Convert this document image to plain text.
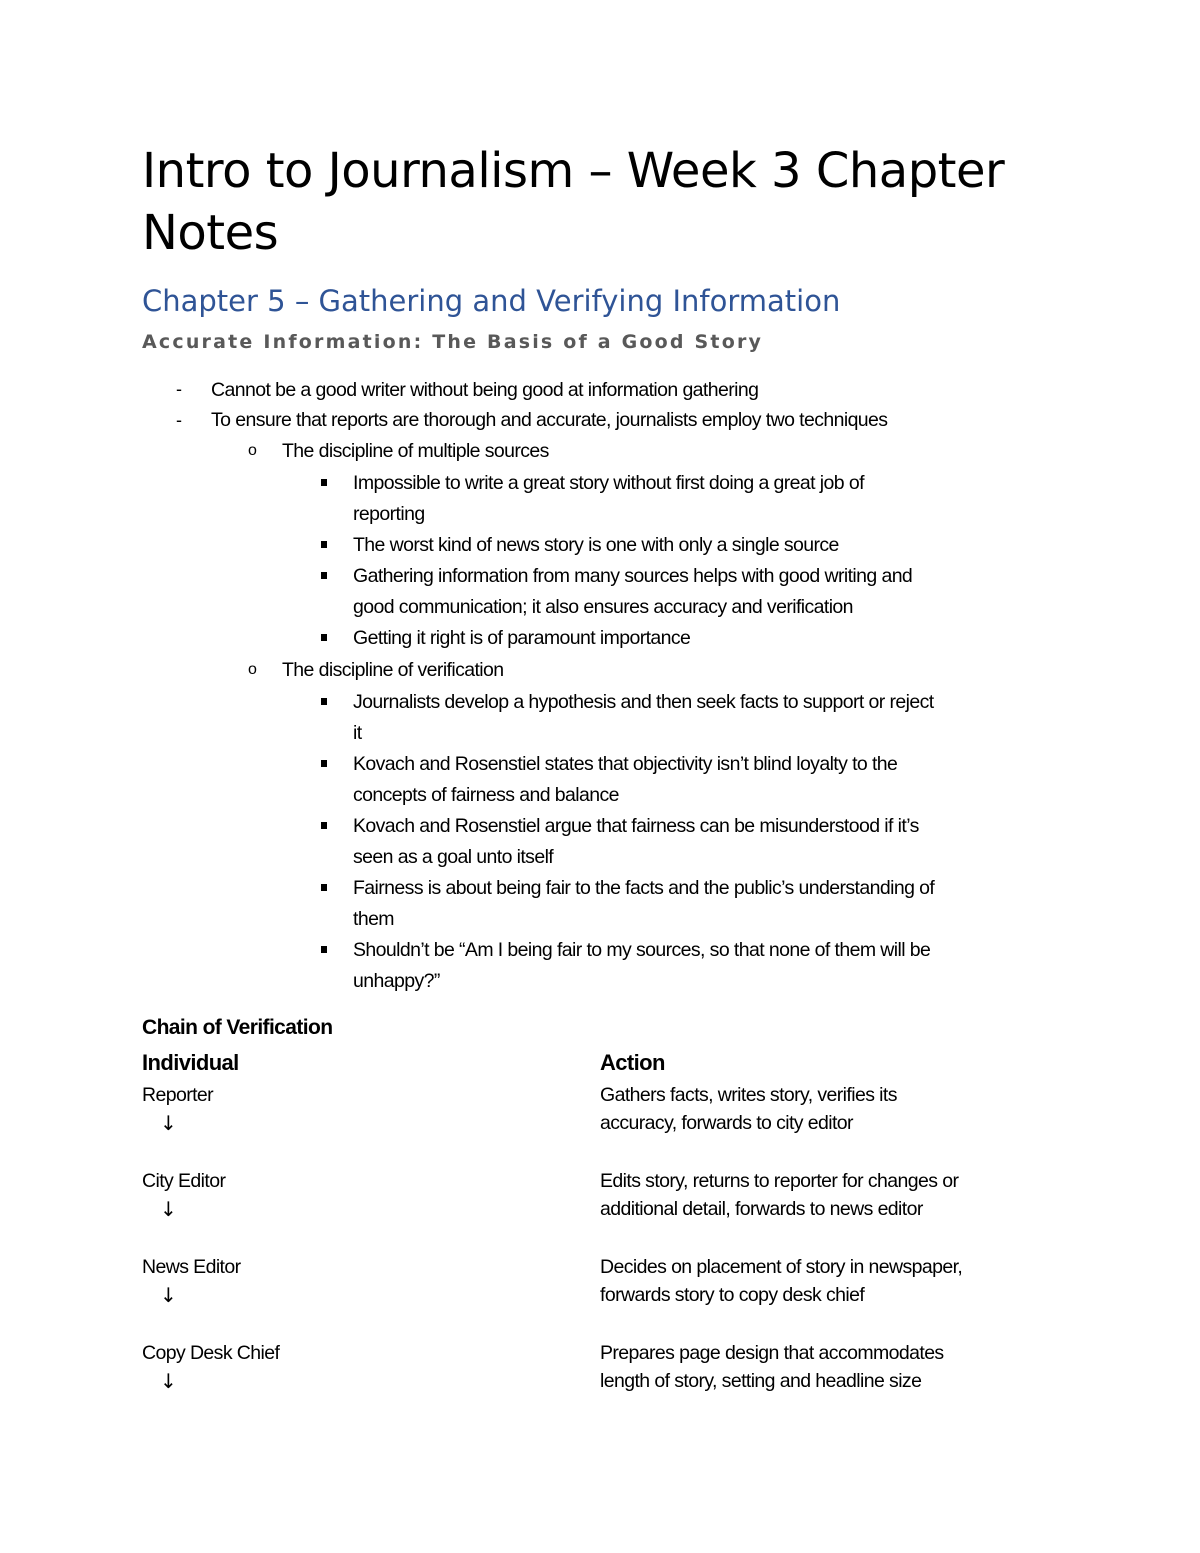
Intro to Journalism – Week 3 Chapter Notes
Chapter 5 – Gathering and Verifying Information
Accurate Information: The Basis of a Good Story
- Cannot be a good writer without being good at information gathering
- To ensure that reports are thorough and accurate, journalists employ two techniques
o The discipline of multiple sources
Impossible to write a great story without first doing a great job of
reporting
The worst kind of news story is one with only a single source
Gathering information from many sources helps with good writing and
good communication; it also ensures accuracy and verification
Getting it right is of paramount importance
o The discipline of verification
Journalists develop a hypothesis and then seek facts to support or reject
it
Kovach and Rosenstiel states that objectivity isn’t blind loyalty to the
concepts of fairness and balance
Kovach and Rosenstiel argue that fairness can be misunderstood if it’s
seen as a goal unto itself
Fairness is about being fair to the facts and the public’s understanding of
them
Shouldn’t be “Am I being fair to my sources, so that none of them will be
unhappy?”
Chain of Verification
Individual	Action
Reporter
↓
Gathers facts, writes story, verifies its
accuracy, forwards to city editor
City Editor
↓
Edits story, returns to reporter for changes or
additional detail, forwards to news editor
News Editor
↓
Decides on placement of story in newspaper,
forwards story to copy desk chief
Copy Desk Chief
↓
Prepares page design that accommodates
length of story, setting and headline size
